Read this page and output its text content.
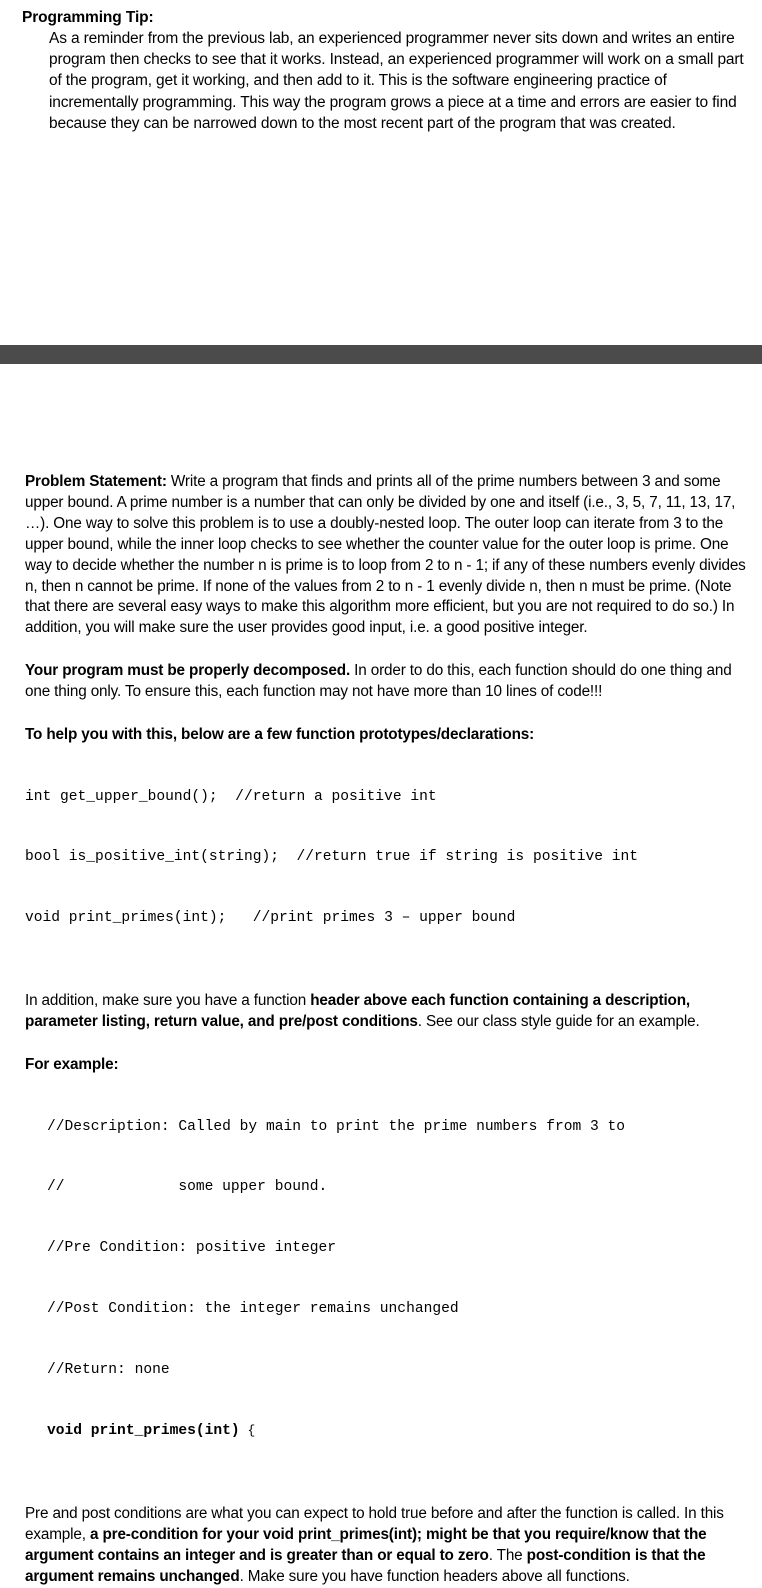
Programming Tip:
As a reminder from the previous lab, an experienced programmer never sits down and writes an entire program then checks to see that it works. Instead, an experienced programmer will work on a small part of the program, get it working, and then add to it. This is the software engineering practice of incrementally programming. This way the program grows a piece at a time and errors are easier to find because they can be narrowed down to the most recent part of the program that was created.

Problem Statement: Write a program that finds and prints all of the prime numbers between 3 and some upper bound. A prime number is a number that can only be divided by one and itself (i.e., 3, 5, 7, 11, 13, 17, …). One way to solve this problem is to use a doubly-nested loop. The outer loop can iterate from 3 to the upper bound, while the inner loop checks to see whether the counter value for the outer loop is prime. One way to decide whether the number n is prime is to loop from 2 to n - 1; if any of these numbers evenly divides n, then n cannot be prime. If none of the values from 2 to n - 1 evenly divide n, then n must be prime. (Note that there are several easy ways to make this algorithm more efficient, but you are not required to do so.) In addition, you will make sure the user provides good input, i.e. a good positive integer.

Your program must be properly decomposed. In order to do this, each function should do one thing and one thing only. To ensure this, each function may not have more than 10 lines of code!!!

To help you with this, below are a few function prototypes/declarations:

int get_upper_bound();  //return a positive int

bool is_positive_int(string);  //return true if string is positive int

void print_primes(int);   //print primes 3 – upper bound

In addition, make sure you have a function header above each function containing a description, parameter listing, return value, and pre/post conditions. See our class style guide for an example.

For example:

//Description: Called by main to print the prime numbers from 3 to

//             some upper bound.

//Pre Condition: positive integer

//Post Condition: the integer remains unchanged

//Return: none

void print_primes(int) {

Pre and post conditions are what you can expect to hold true before and after the function is called. In this example, a pre-condition for your void print_primes(int); might be that you require/know that the argument contains an integer and is greater than or equal to zero. The post-condition is that the argument remains unchanged. Make sure you have function headers above all functions.
